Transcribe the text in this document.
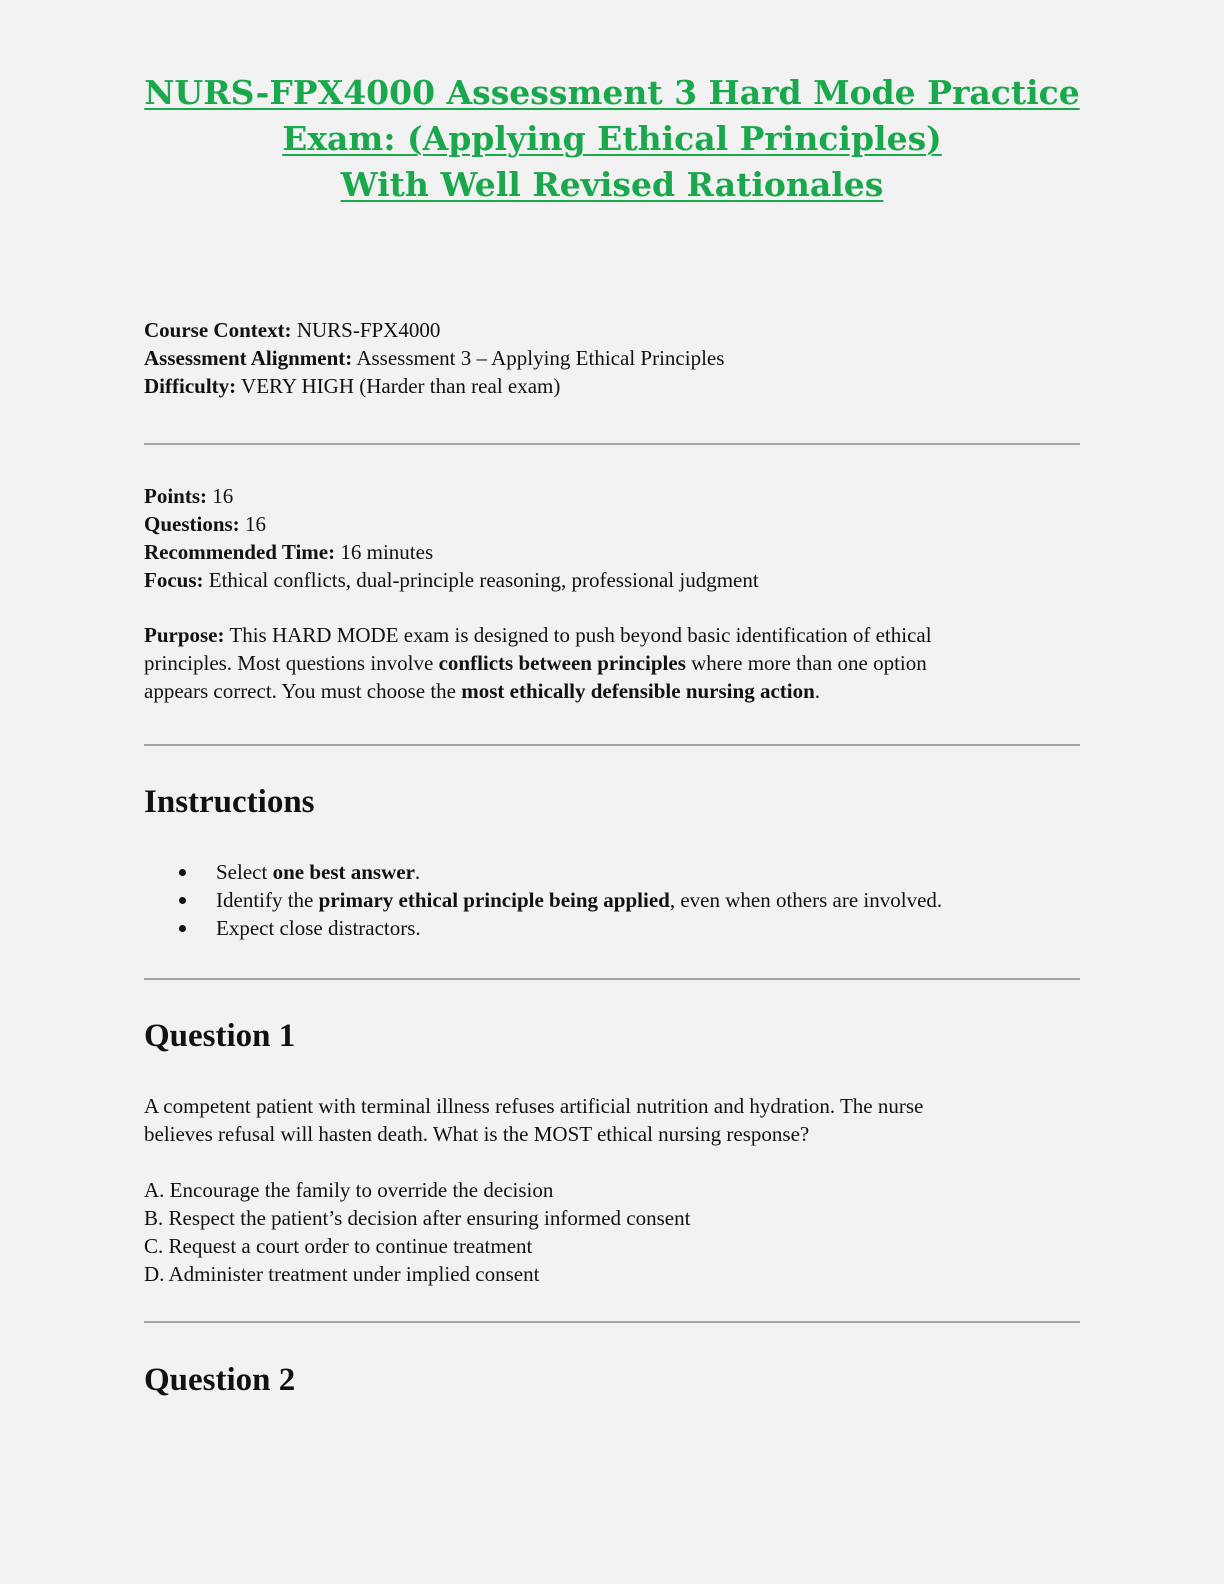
NURS-FPX4000 Assessment 3 Hard Mode Practice
Exam: (Applying Ethical Principles)
With Well Revised Rationales
Course Context: NURS-FPX4000
Assessment Alignment: Assessment 3 – Applying Ethical Principles
Difficulty: VERY HIGH (Harder than real exam)
Points: 16
Questions: 16
Recommended Time: 16 minutes
Focus: Ethical conflicts, dual-principle reasoning, professional judgment
Purpose: This HARD MODE exam is designed to push beyond basic identification of ethical
principles. Most questions involve conflicts between principles where more than one option
appears correct. You must choose the most ethically defensible nursing action.
Instructions
Select one best answer.
Identify the primary ethical principle being applied, even when others are involved.
Expect close distractors.
Question 1
A competent patient with terminal illness refuses artificial nutrition and hydration. The nurse
believes refusal will hasten death. What is the MOST ethical nursing response?
A. Encourage the family to override the decision
B. Respect the patient’s decision after ensuring informed consent
C. Request a court order to continue treatment
D. Administer treatment under implied consent
Question 2
